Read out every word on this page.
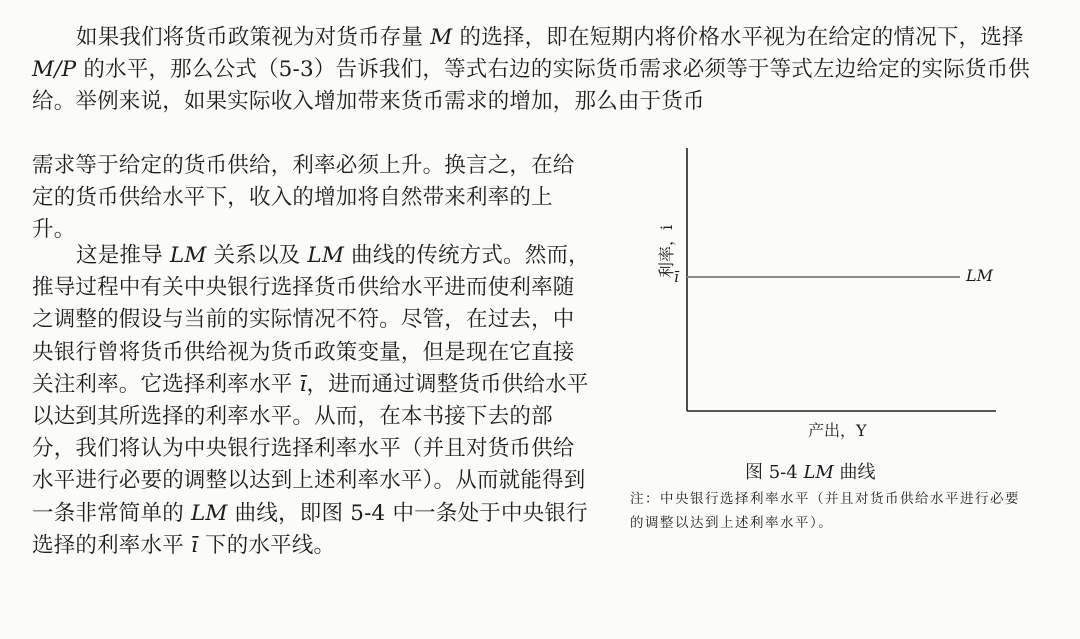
如果我们将货币政策视为对货币存量 M 的选择，即在短期内将价格水平视为在给定的情况下，选择 M/P 的水平，那么公式（5-3）告诉我们，等式右边的实际货币需求必须等于等式左边给定的实际货币供给。举例来说，如果实际收入增加带来货币需求的增加，那么由于货币

需求等于给定的货币供给，利率必须上升。换言之，在给定的货币供给水平下，收入的增加将自然带来利率的上升。

这是推导 LM 关系以及 LM 曲线的传统方式。然而，推导过程中有关中央银行选择货币供给水平进而使利率随之调整的假设与当前的实际情况不符。尽管，在过去，中央银行曾将货币供给视为货币政策变量，但是现在它直接关注利率。它选择利率水平 ī，进而通过调整货币供给水平以达到其所选择的利率水平。从而，在本书接下去的部分，我们将认为中央银行选择利率水平（并且对货币供给水平进行必要的调整以达到上述利率水平）。从而就能得到一条非常简单的 LM 曲线，即图 5-4 中一条处于中央银行选择的利率水平 ī 下的水平线。

利率，i
ī	LM
产出，Y
图 5-4 LM 曲线
注：中央银行选择利率水平（并且对货币供给水平进行必要的调整以达到上述利率水平）。
